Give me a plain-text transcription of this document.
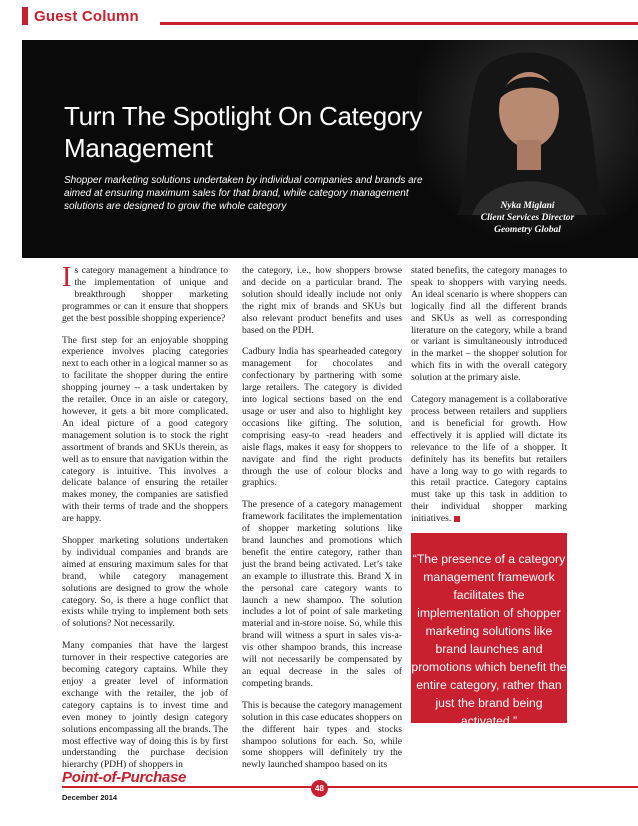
Guest Column
Turn The Spotlight On Category Management

Shopper marketing solutions undertaken by individual companies and brands are aimed at ensuring maximum sales for that brand, while category management solutions are designed to grow the whole category	Nyka Miglani
Client Services Director
Geometry Global

Is category management a hindrance to the implementation of unique and breakthrough shopper marketing programmes or can it ensure that shoppers get the best possible shopping experience?

The first step for an enjoyable shopping experience involves placing categories next to each other in a logical manner so as to facilitate the shopper during the entire shopping journey -- a task undertaken by the retailer. Once in an aisle or category, however, it gets a bit more complicated. An ideal picture of a good category management solution is to stock the right assortment of brands and SKUs therein, as well as to ensure that navigation within the category is intuitive. This involves a delicate balance of ensuring the retailer makes money, the companies are satisfied with their terms of trade and the shoppers are happy.

Shopper marketing solutions undertaken by individual companies and brands are aimed at ensuring maximum sales for that brand, while category management solutions are designed to grow the whole category. So, is there a huge conflict that exists while trying to implement both sets of solutions? Not necessarily.

Many companies that have the largest turnover in their respective categories are becoming category captains. While they enjoy a greater level of information exchange with the retailer, the job of category captains is to invest time and even money to jointly design category solutions encompassing all the brands. The most effective way of doing this is by first understanding the purchase decision hierarchy (PDH) of shoppers in

the category, i.e., how shoppers browse and decide on a particular brand. The solution should ideally include not only the right mix of brands and SKUs but also relevant product benefits and uses based on the PDH.

Cadbury India has spearheaded category management for chocolates and confectionary by partnering with some large retailers. The category is divided into logical sections based on the end usage or user and also to highlight key occasions like gifting. The solution, comprising easy-to -read headers and aisle flags, makes it easy for shoppers to navigate and find the right products through the use of colour blocks and graphics.

The presence of a category management framework facilitates the implementation of shopper marketing solutions like brand launches and promotions which benefit the entire category, rather than just the brand being activated. Let’s take an example to illustrate this. Brand X in the personal care category wants to launch a new shampoo. The solution includes a lot of point of sale marketing material and in-store noise. So, while this brand will witness a spurt in sales vis-a-vis other shampoo brands, this increase will not necessarily be compensated by an equal decrease in the sales of competing brands.

This is because the category management solution in this case educates shoppers on the different hair types and stocks shampoo solutions for each. So, while some shoppers will definitely try the newly launched shampoo based on its

stated benefits, the category manages to speak to shoppers with varying needs. An ideal scenario is where shoppers can logically find all the different brands and SKUs as well as corresponding literature on the category, while a brand or variant is simultaneously introduced in the market – the shopper solution for which fits in with the overall category solution at the primary aisle.

Category management is a collaborative process between retailers and suppliers and is beneficial for growth. How effectively it is applied will dictate its relevance to the life of a shopper. It definitely has its benefits but retailers have a long way to go with regards to this retail practice. Category captains must take up this task in addition to their individual shopper marking initiatives.

“The presence of a category management framework facilitates the implementation of shopper marketing solutions like brand launches and promotions which benefit the entire category, rather than just the brand being activated.”
Point-of-Purchase
December 2014
48
